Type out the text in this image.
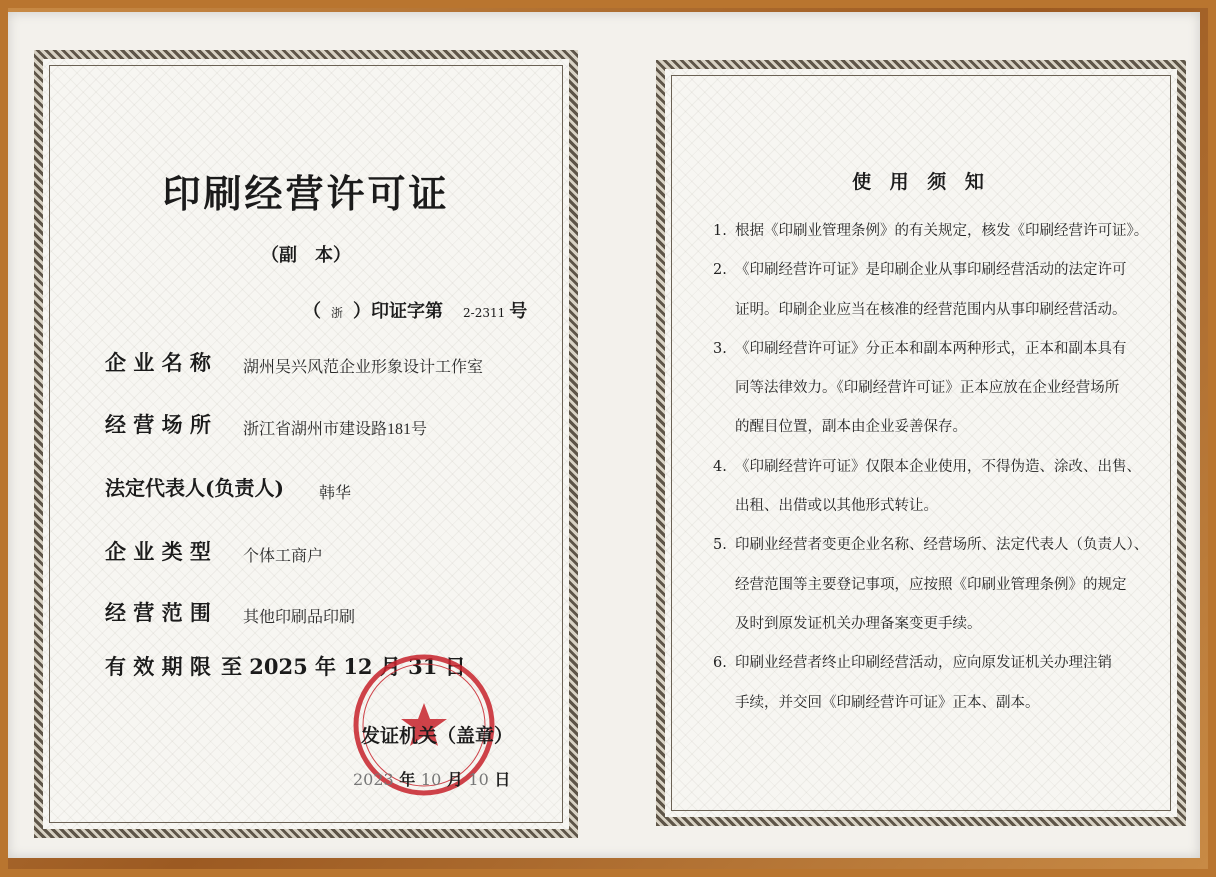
印刷经营许可证
（副　本）
（ 浙 ）印证字第 2-2311 号
企 业 名 称 湖州吴兴风范企业形象设计工作室
经 营 场 所 浙江省湖州市建设路181号
法定代表人(负责人) 韩华
企 业 类 型 个体工商户
经 营 范 围 其他印刷品印刷
有 效 期 限 至 2025 年 12 月 31 日
发证机关（盖章）
2023 年 10 月 10 日
使 用 须 知
1. 根据《印刷业管理条例》的有关规定，核发《印刷经营许可证》。
2. 《印刷经营许可证》是印刷企业从事印刷经营活动的法定许可
证明。印刷企业应当在核准的经营范围内从事印刷经营活动。
3. 《印刷经营许可证》分正本和副本两种形式，正本和副本具有
同等法律效力。《印刷经营许可证》正本应放在企业经营场所
的醒目位置，副本由企业妥善保存。
4. 《印刷经营许可证》仅限本企业使用，不得伪造、涂改、出售、
出租、出借或以其他形式转让。
5. 印刷业经营者变更企业名称、经营场所、法定代表人（负责人）、
经营范围等主要登记事项，应按照《印刷业管理条例》的规定
及时到原发证机关办理备案变更手续。
6. 印刷业经营者终止印刷经营活动，应向原发证机关办理注销
手续，并交回《印刷经营许可证》正本、副本。
